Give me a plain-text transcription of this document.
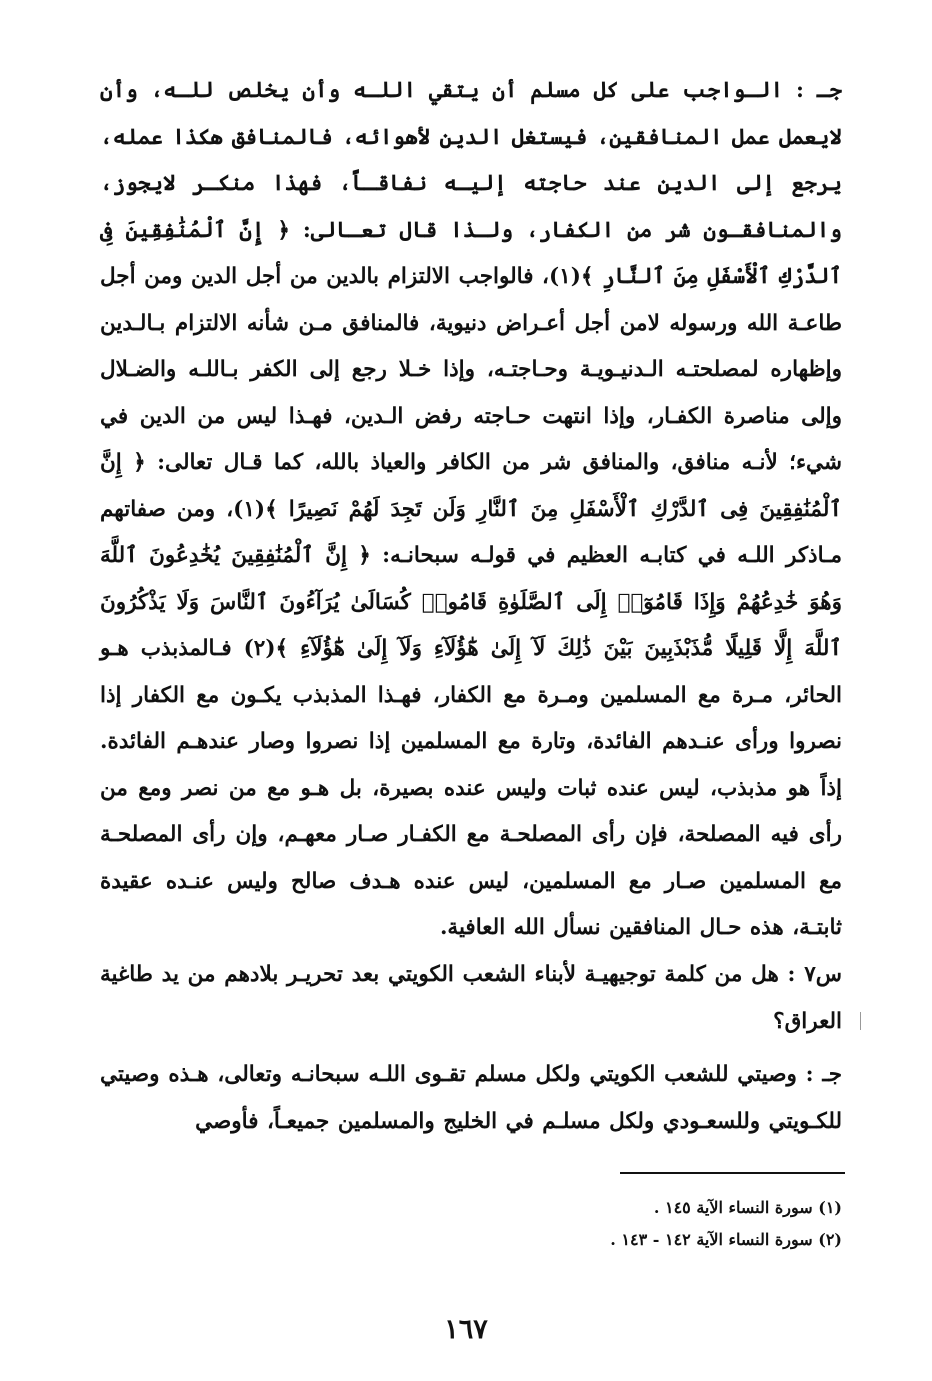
جـ : الـواجب على كل مسلم أن يتقي اللـه وأن يخلص للـه، وأن لايعمل عمل المنافقين، فيستغل الدين لأهوائه، فالمنافق هكذا عمله، يرجع إلى الدين عند حاجته إليـه نفاقـاً، فهذا منكـر لايجوز، والمنافقـون شر من الكفار، ولـذا قال تعـالى: ﴿ إِنَّ ٱلْمُنَٰفِقِينَ فِى ٱلدَّرْكِ ٱلْأَسْفَلِ مِنَ ٱلنَّارِ ﴾(١)، فالواجب الالتزام بالدين من أجل الدين ومن أجل طاعـة الله ورسوله لامن أجل أعـراض دنيوية، فالمنافق مـن شأنه الالتزام بـالـدين وإظهاره لمصلحتـه الـدنيـويـة وحـاجتـه، وإذا خـلا رجع إلى الكفر بـاللـه والضـلال وإلى مناصرة الكفـار، وإذا انتهت حـاجته رفض الـدين، فهـذا ليس من الدين في شيء؛ لأنـه منافق، والمنافق شر من الكافر والعياذ بالله، كما قـال تعالى: ﴿ إِنَّ ٱلْمُنَٰفِقِينَ فِى ٱلدَّرْكِ ٱلْأَسْفَلِ مِنَ ٱلنَّارِ وَلَن تَجِدَ لَهُمْ نَصِيرًا ﴾(١)، ومن صفاتهم مـاذكر اللـه في كتابـه العظيم في قولـه سبحانـه: ﴿ إِنَّ ٱلْمُنَٰفِقِينَ يُخَٰدِعُونَ ٱللَّهَ وَهُوَ خَٰدِعُهُمْ وَإِذَا قَامُوٓا۟ إِلَى ٱلصَّلَوٰةِ قَامُوا۟ كُسَالَىٰ يُرَآءُونَ ٱلنَّاسَ وَلَا يَذْكُرُونَ ٱللَّهَ إِلَّا قَلِيلًا مُّذَبْذَبِينَ بَيْنَ ذَٰلِكَ لَآ إِلَىٰ هَٰٓؤُلَآءِ وَلَآ إِلَىٰ هَٰٓؤُلَآءِ ﴾(٢) فـالمذبذب هـو الحائر، مـرة مع المسلمين ومـرة مع الكفار، فهـذا المذبذب يكـون مع الكفار إذا نصروا ورأى عنـدهم الفائدة، وتارة مع المسلمين إذا نصروا وصار عندهـم الفائدة. إذاً هو مذبذب، ليس عنده ثبات وليس عنده بصيرة، بل هـو مع من نصر ومع من رأى فيه المصلحة، فإن رأى المصلحـة مع الكفـار صـار معهـم، وإن رأى المصلحـة مع المسلمين صـار مع المسلمين، ليس عنده هـدف صالح وليس عنـده عقيدة ثابتـة، هذه حـال المنافقين نسأل الله العافية.

س٧ : هل من كلمة توجيهيـة لأبناء الشعب الكويتي بعد تحريـر بلادهم من يد طاغية العراق؟

جـ : وصيتي للشعب الكويتي ولكل مسلم تقـوى اللـه سبحانـه وتعالى، هـذه وصيتي للكـويتي وللسعـودي ولكل مسلـم في الخليج والمسلمين جميعـاً، فأوصي

(١) سورة النساء الآية ١٤٥ .

(٢) سورة النساء الآية ١٤٢ - ١٤٣ .

١٦٧
